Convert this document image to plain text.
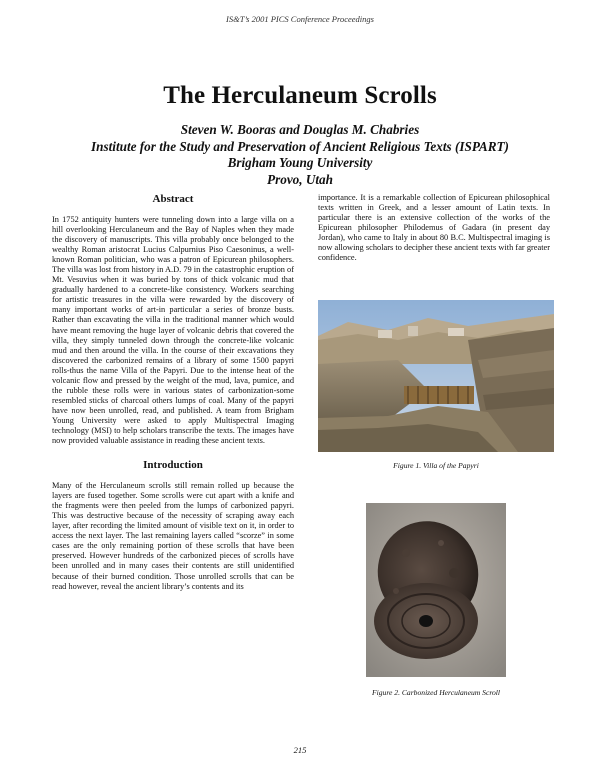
IS&T’s 2001 PICS Conference Proceedings
The Herculaneum Scrolls
Steven W. Booras and Douglas M. Chabries
Institute for the Study and Preservation of Ancient Religious Texts (ISPART)
Brigham Young University
Provo, Utah
Abstract

In 1752 antiquity hunters were tunneling down into a large villa on a hill overlooking Herculaneum and the Bay of Naples when they made the discovery of manuscripts. This villa probably once belonged to the wealthy Roman aristocrat Lucius Calpurnius Piso Caesoninus, a well-known Roman politician, who was a patron of Epicurean philosophers. The villa was lost from history in A.D. 79 in the catastrophic eruption of Mt. Vesuvius when it was buried by tons of thick volcanic mud that gradually hardened to a concrete-like consistency. Workers searching for artistic treasures in the villa were rewarded by the discovery of many important works of art-in particular a series of bronze busts. Rather than excavating the villa in the traditional manner which would have meant removing the huge layer of volcanic debris that covered the villa, they simply tunneled down through the concrete-like volcanic mud and then around the villa. In the course of their excavations they discovered the carbonized remains of a library of some 1500 papyri rolls-thus the name Villa of the Papyri. Due to the intense heat of the volcanic flow and pressed by the weight of the mud, lava, pumice, and the rubble these rolls were in various states of carbonization-some resembled sticks of charcoal others lumps of coal. Many of the papyri have now been unrolled, read, and published. A team from Brigham Young University were asked to apply Multispectral Imaging technology (MSI) to help scholars transcribe the texts. The images have now provided valuable assistance in reading these ancient texts.

Introduction

Many of the Herculaneum scrolls still remain rolled up because the layers are fused together. Some scrolls were cut apart with a knife and the fragments were then peeled from the lumps of carbonized papyri. This was destructive because of the necessity of scraping away each layer, after recording the limited amount of visible text on it, in order to access the next layer. The last remaining layers called “scorze” in some cases are the only remaining portion of these scrolls that have been preserved. However hundreds of the carbonized pieces of scrolls have been unrolled and in many cases their contents are still unidentified because of their burned condition. Those unrolled scrolls that can be read however, reveal the ancient library’s contents and its

importance. It is a remarkable collection of Epicurean philosophical texts written in Greek, and a lesser amount of Latin texts. In particular there is an extensive collection of the works of the Epicurean philosopher Philodemus of Gadara (in present day Jordan), who came to Italy in about 80 B.C. Multispectral imaging is now allowing scholars to decipher these ancient texts with far greater confidence.

Figure 1. Villa of the Papyri
Figure 2. Carbonized Herculaneum Scroll
215
